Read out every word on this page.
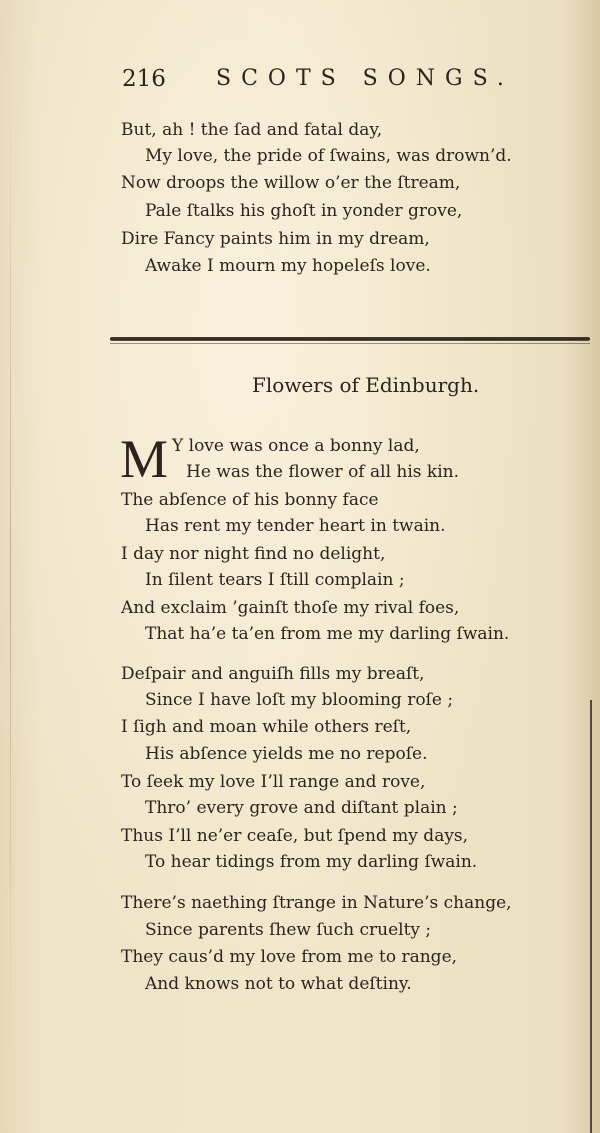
216 SCOTS SONGS.
But, ah ! the ſad and fatal day,
My love, the pride of ſwains, was drown’d.
Now droops the willow o’er the ſtream,
Pale ſtalks his ghoſt in yonder grove,
Dire Fancy paints him in my dream,
Awake I mourn my hopeleſs love.
Flowers of Edinburgh.
M Y love was once a bonny lad,
He was the flower of all his kin.
The abſence of his bonny face
Has rent my tender heart in twain.
I day nor night find no delight,
In ſilent tears I ſtill complain ;
And exclaim ’gainſt thoſe my rival foes,
That ha’e ta’en from me my darling ſwain.
Deſpair and anguiſh fills my breaſt,
Since I have loſt my blooming roſe ;
I ſigh and moan while others reſt,
His abſence yields me no repoſe.
To ſeek my love I’ll range and rove,
Thro’ every grove and diſtant plain ;
Thus I’ll ne’er ceaſe, but ſpend my days,
To hear tidings from my darling ſwain.
There’s naething ſtrange in Nature’s change,
Since parents ſhew ſuch cruelty ;
They caus’d my love from me to range,
And knows not to what deſtiny.
